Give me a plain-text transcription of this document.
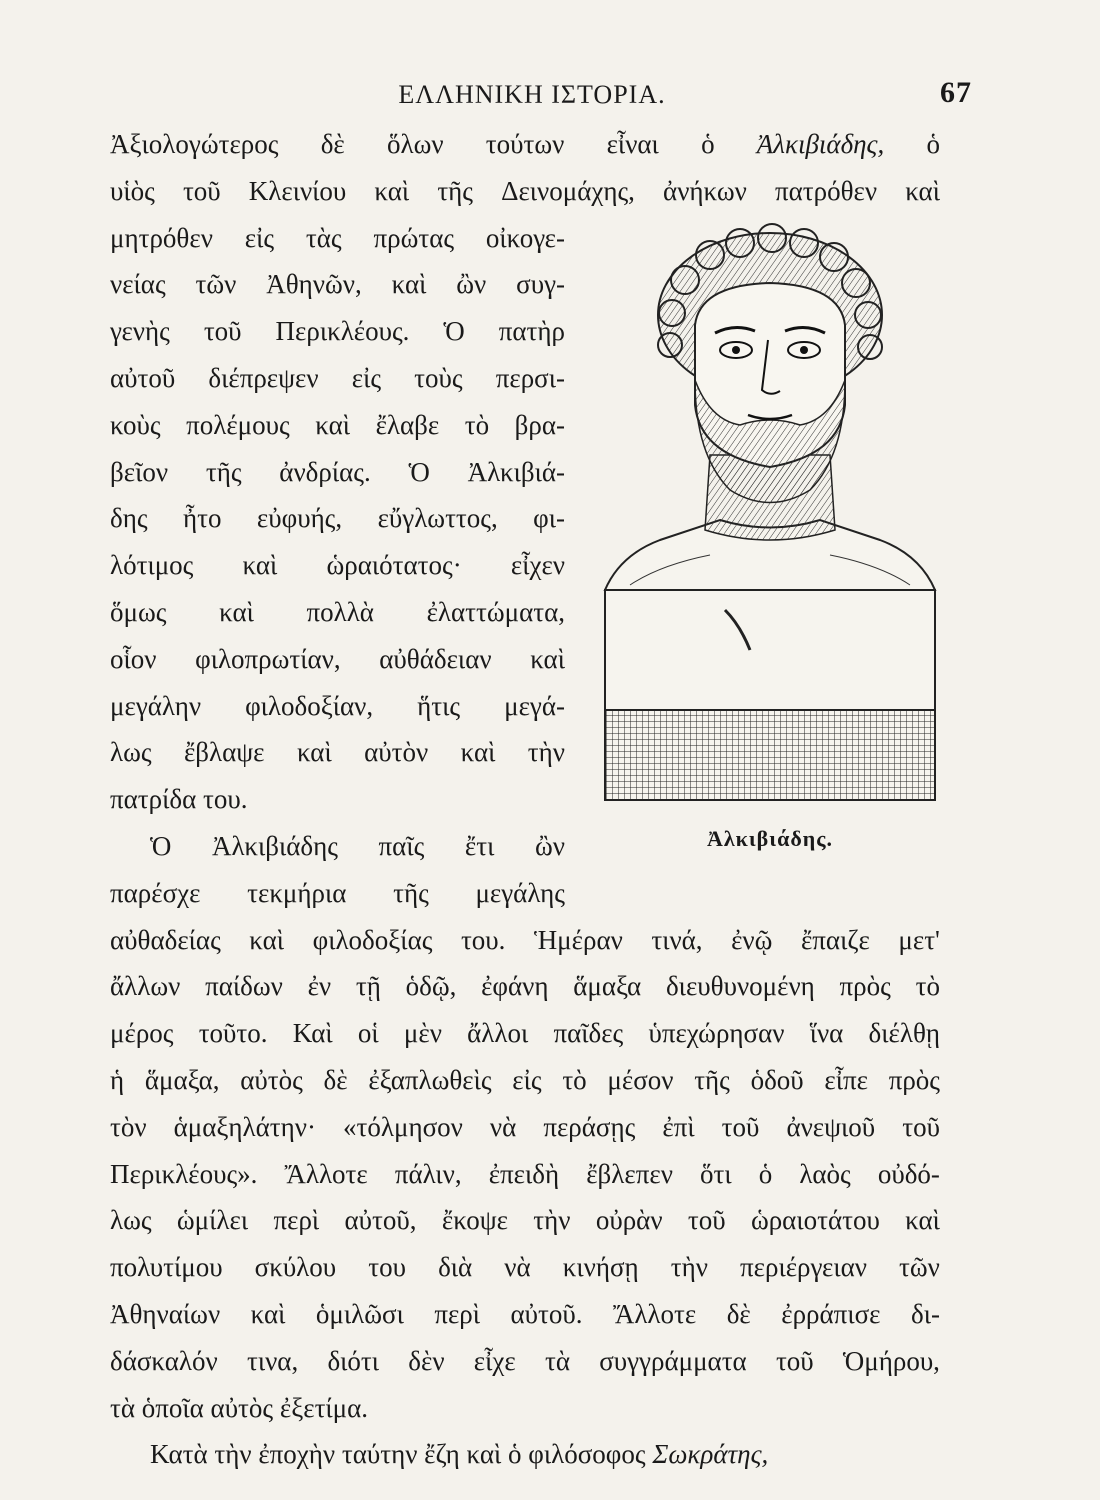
ΕΛΛΗΝΙΚΗ ΙΣΤΟΡΙΑ.	67
Ἀξιολογώτερος δὲ ὅλων τούτων εἶναι ὁ Ἀλκιβιάδης, ὁ
υἱὸς τοῦ Κλεινίου καὶ τῆς Δεινομάχης, ἀνήκων πατρόθεν καὶ
μητρόθεν εἰς τὰς πρώτας οἰκογε-
νείας τῶν Ἀθηνῶν, καὶ ὢν συγ-
γενὴς τοῦ Περικλέους. Ὁ πατὴρ
αὐτοῦ διέπρεψεν εἰς τοὺς περσι-
κοὺς πολέμους καὶ ἔλαβε τὸ βρα-
βεῖον τῆς ἀνδρίας. Ὁ Ἀλκιβιά-
δης ἦτο εὐφυής, εὔγλωττος, φι-
λότιμος καὶ ὡραιότατος· εἶχεν
ὅμως καὶ πολλὰ ἐλαττώματα,
οἷον φιλοπρωτίαν, αὐθάδειαν καὶ
μεγάλην φιλοδοξίαν, ἥτις μεγά-
λως ἔβλαψε καὶ αὐτὸν καὶ τὴν
πατρίδα του.
Ὁ Ἀλκιβιάδης παῖς ἔτι ὢν
παρέσχε τεκμήρια τῆς μεγάλης
αὐθαδείας καὶ φιλοδοξίας του. Ἡμέραν τινά, ἐνῷ ἔπαιζε μετ'
ἄλλων παίδων ἐν τῇ ὁδῷ, ἐφάνη ἅμαξα διευθυνομένη πρὸς τὸ
μέρος τοῦτο. Καὶ οἱ μὲν ἄλλοι παῖδες ὑπεχώρησαν ἵνα διέλθῃ
ἡ ἅμαξα, αὐτὸς δὲ ἐξαπλωθεὶς εἰς τὸ μέσον τῆς ὁδοῦ εἶπε πρὸς
τὸν ἁμαξηλάτην· «τόλμησον νὰ περάσῃς ἐπὶ τοῦ ἀνεψιοῦ τοῦ
Περικλέους». Ἄλλοτε πάλιν, ἐπειδὴ ἔβλεπεν ὅτι ὁ λαὸς οὐδό-
λως ὡμίλει περὶ αὐτοῦ, ἔκοψε τὴν οὐρὰν τοῦ ὡραιοτάτου καὶ
πολυτίμου σκύλου του διὰ νὰ κινήσῃ τὴν περιέργειαν τῶν
Ἀθηναίων καὶ ὁμιλῶσι περὶ αὐτοῦ. Ἄλλοτε δὲ ἐρράπισε δι-
δάσκαλόν τινα, διότι δὲν εἶχε τὰ συγγράμματα τοῦ Ὁμήρου,
τὰ ὁποῖα αὐτὸς ἐξετίμα.
Κατὰ τὴν ἐποχὴν ταύτην ἔζη καὶ ὁ φιλόσοφος Σωκράτης,
Ἀλκιβιάδης.
